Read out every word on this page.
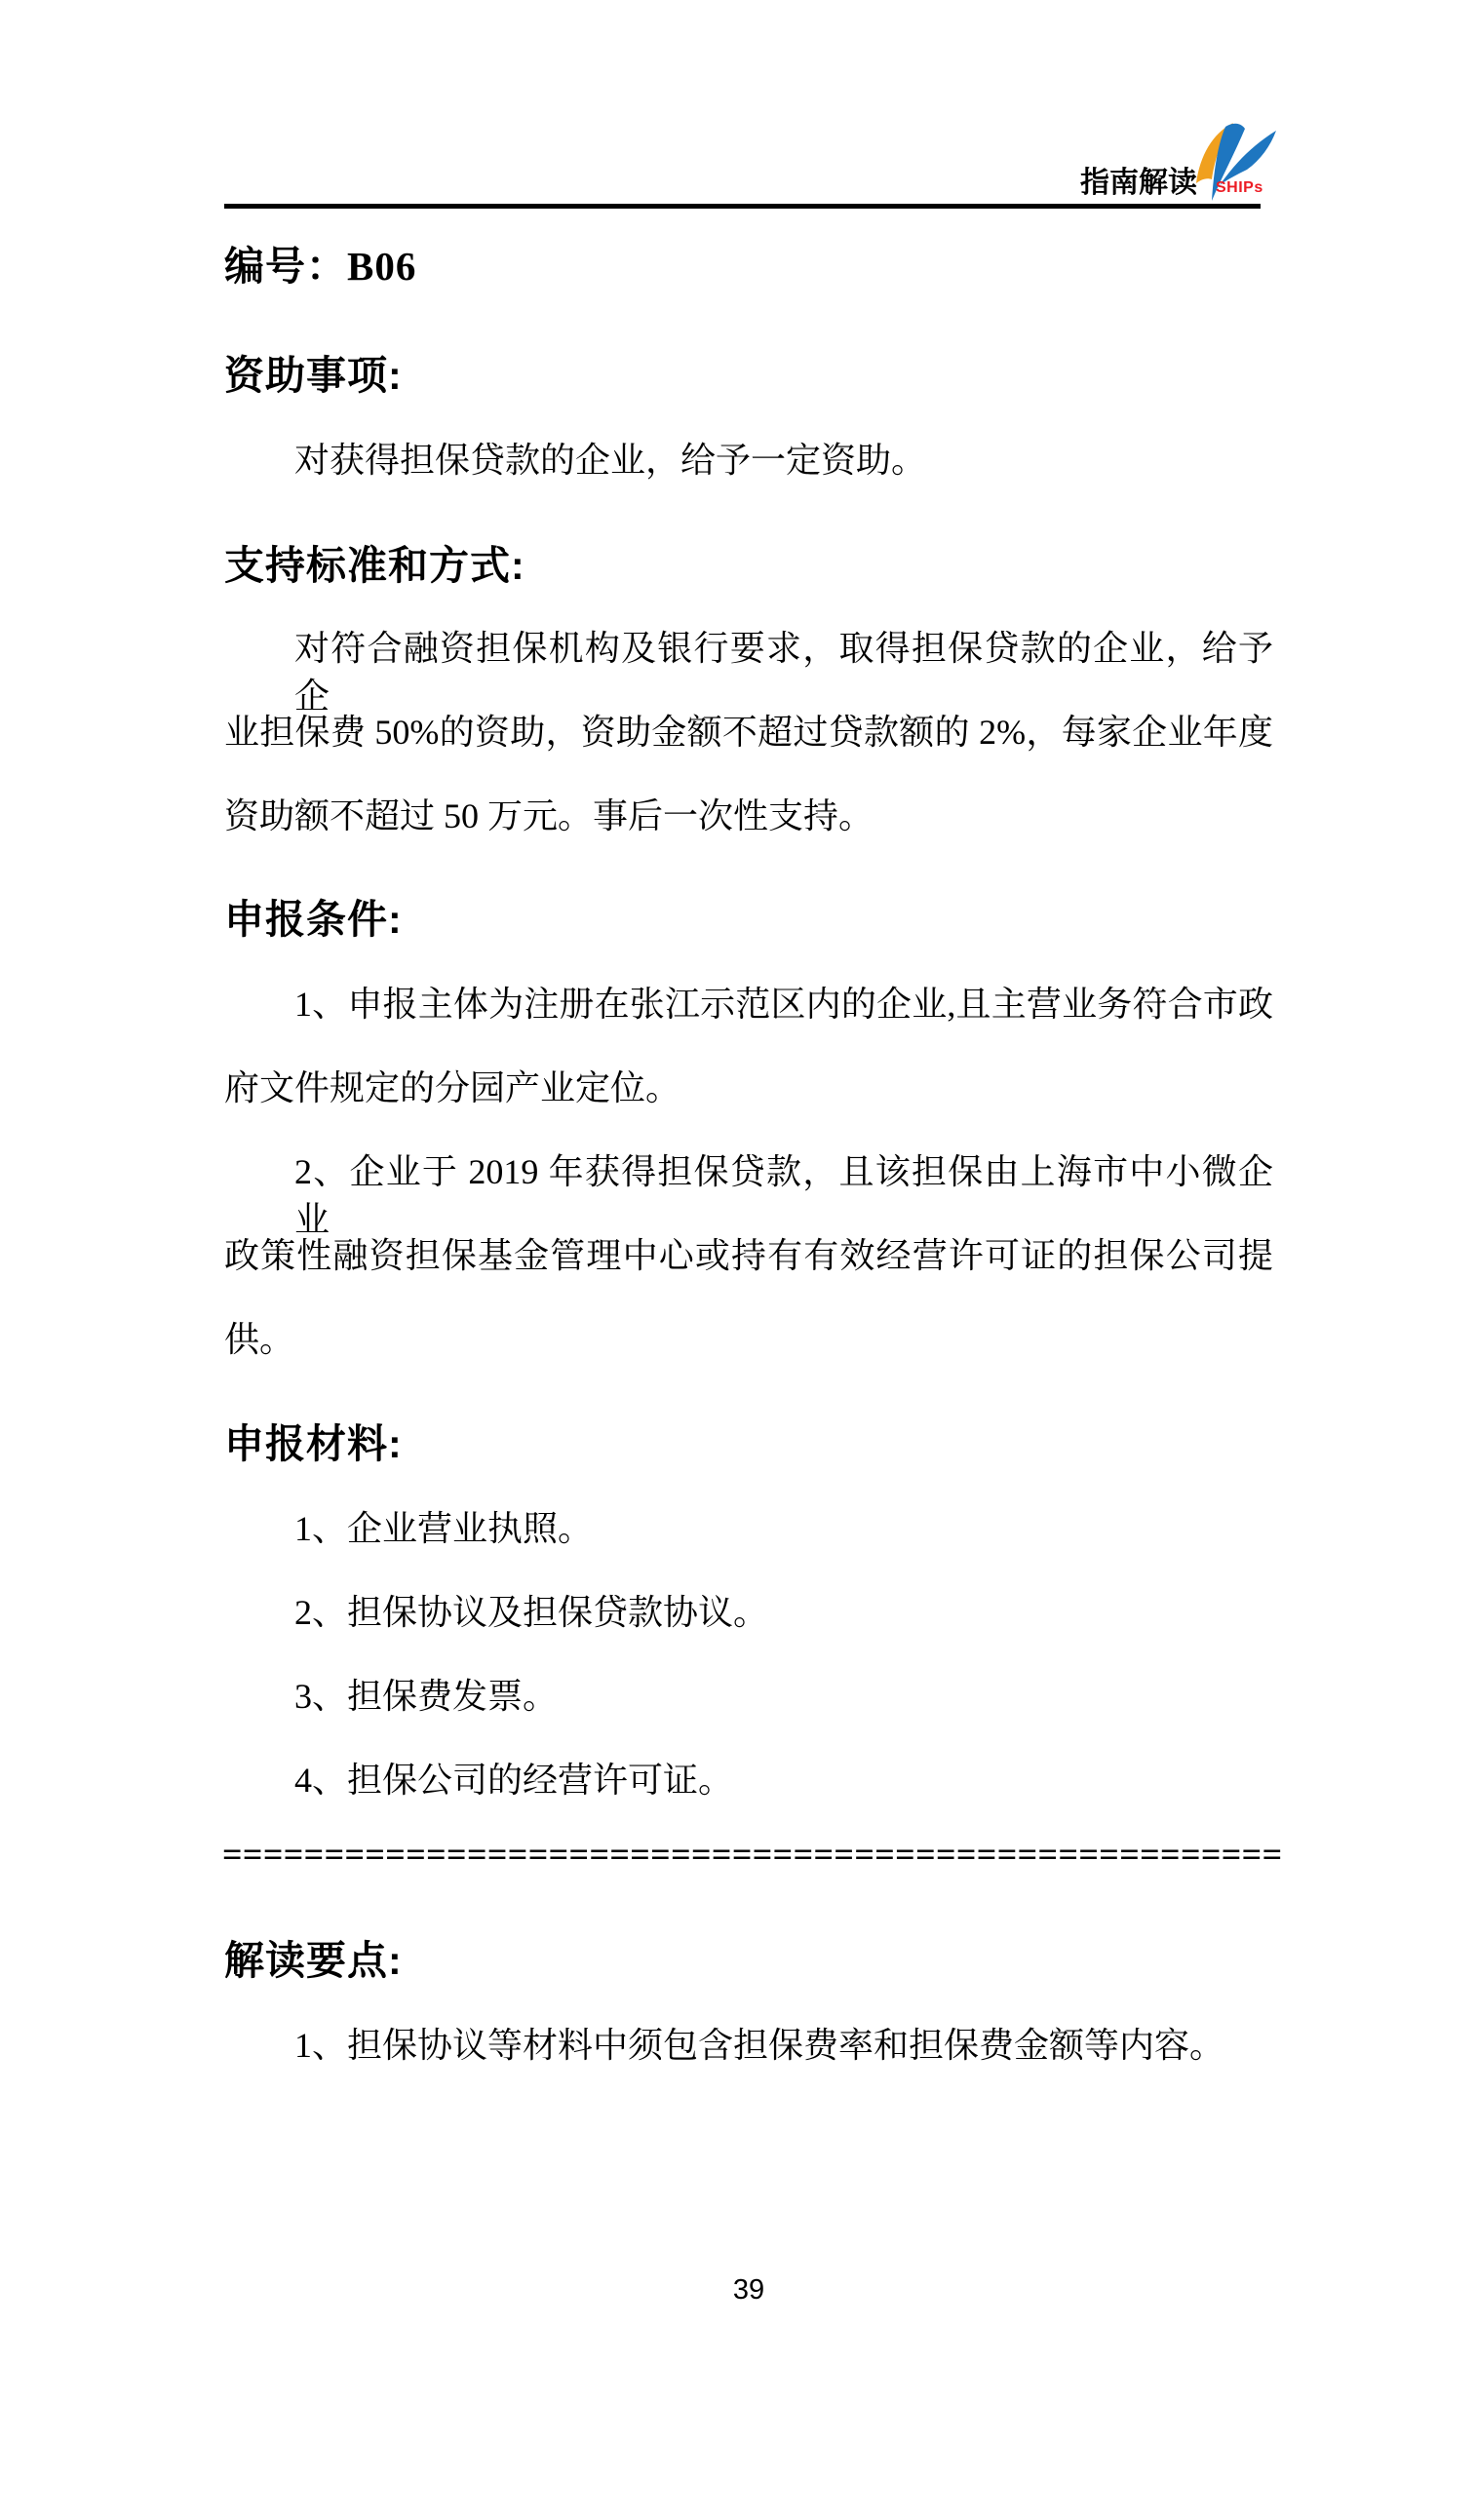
指南解读 SHIPs
编号：B06
资助事项:
对获得担保贷款的企业，给予一定资助。
支持标准和方式:
对符合融资担保机构及银行要求，取得担保贷款的企业，给予企
业担保费 50%的资助，资助金额不超过贷款额的 2%，每家企业年度
资助额不超过 50 万元。事后一次性支持。
申报条件:
1、申报主体为注册在张江示范区内的企业,且主营业务符合市政
府文件规定的分园产业定位。
2、企业于 2019 年获得担保贷款，且该担保由上海市中小微企业
政策性融资担保基金管理中心或持有有效经营许可证的担保公司提
供。
申报材料:
1、企业营业执照。
2、担保协议及担保贷款协议。
3、担保费发票。
4、担保公司的经营许可证。
====================================================
解读要点:
1、担保协议等材料中须包含担保费率和担保费金额等内容。
39
